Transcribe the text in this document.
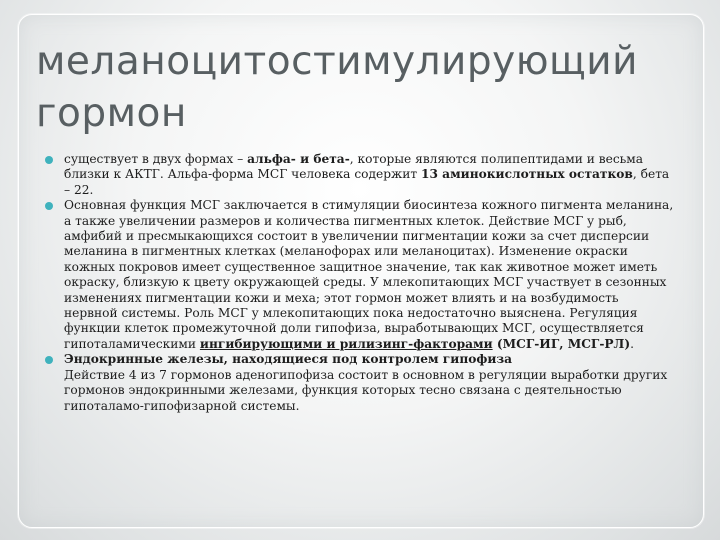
меланоцитостимулирующий
гормон
существует в двух формах – альфа- и бета-, которые являются полипептидами и весьма близки к АКТГ. Альфа-форма МСГ человека содержит 13 аминокислотных остатков, бета – 22.
Основная функция МСГ заключается в стимуляции биосинтеза кожного пигмента меланина, а также увеличении размеров и количества пигментных клеток. Действие МСГ у рыб, амфибий и пресмыкающихся состоит в увеличении пигментации кожи за счет дисперсии меланина в пигментных клетках (меланофорах или меланоцитах). Изменение окраски кожных покровов имеет существенное защитное значение, так как животное может иметь окраску, близкую к цвету окружающей среды. У млекопитающих МСГ участвует в сезонных изменениях пигментации кожи и меха; этот гормон может влиять и на возбудимость нервной системы. Роль МСГ у млекопитающих пока недостаточно выяснена. Регуляция функции клеток промежуточной доли гипофиза, выработывающих МСГ, осуществляется гипоталамическими ингибирующими и рилизинг-факторами (МСГ-ИГ, МСГ-РЛ).
Эндокринные железы, находящиеся под контролем гипофиза
Действие 4 из 7 гормонов аденогипофиза состоит в основном в регуляции выработки других гормонов эндокринными железами, функция которых тесно связана с деятельностью гипоталамо-гипофизарной системы.
